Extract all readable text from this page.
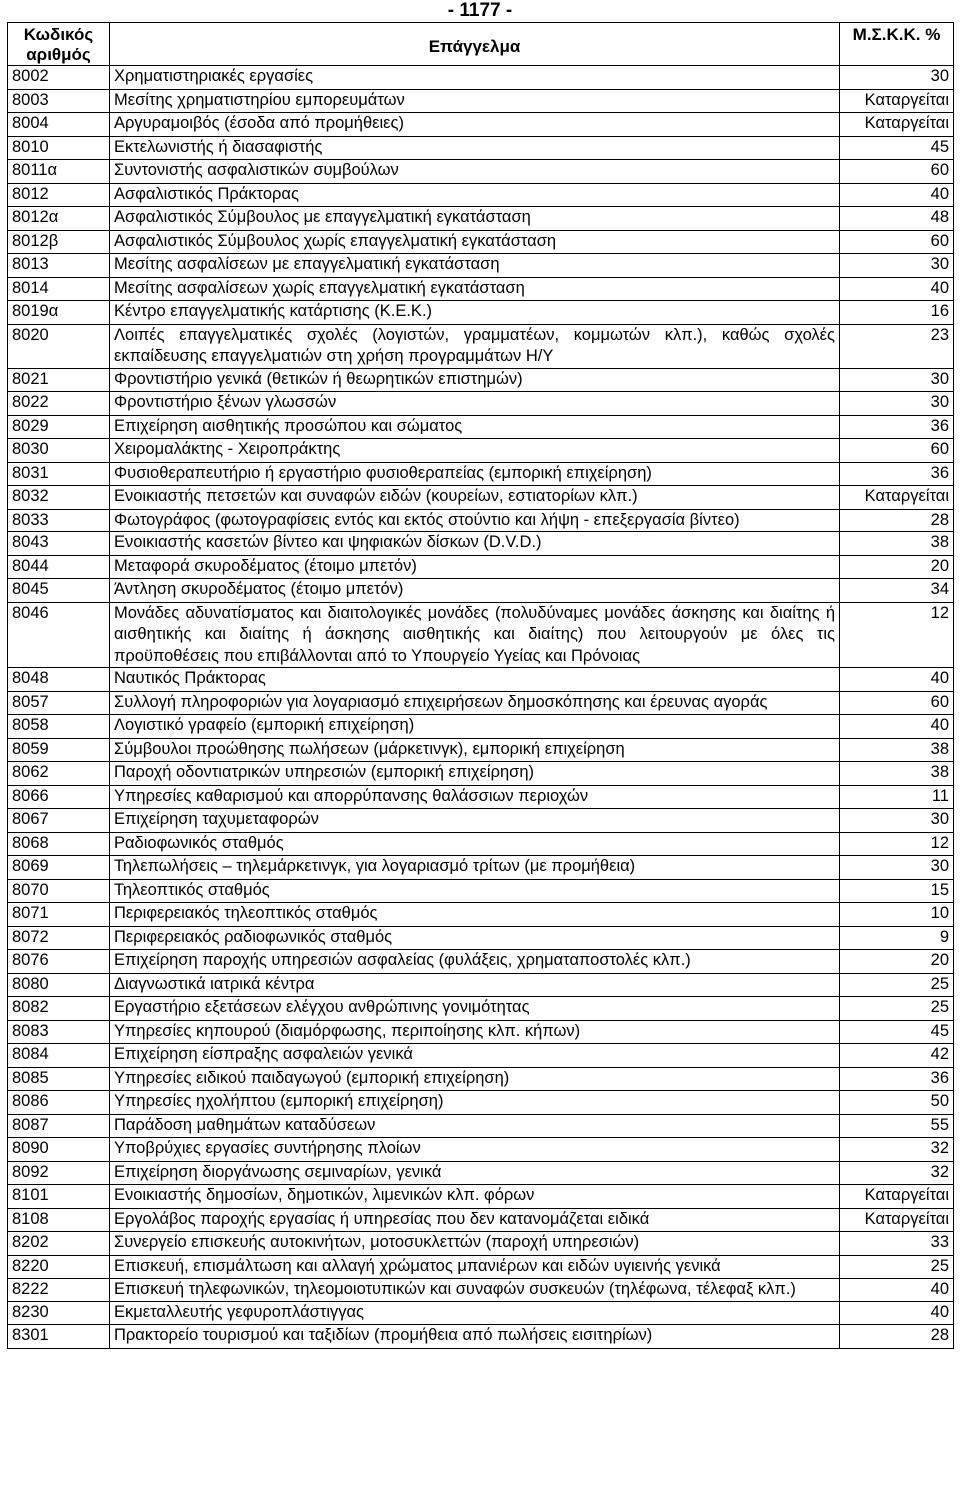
- 1177 -
Κωδικός αριθμός	Επάγγελμα	Μ.Σ.Κ.Κ. %
8002	Χρηματιστηριακές εργασίες	30
8003	Μεσίτης χρηματιστηρίου εμπορευμάτων	Καταργείται
8004	Αργυραμοιβός (έσοδα από προμήθειες)	Καταργείται
8010	Εκτελωνιστής ή διασαφιστής	45
8011α	Συντονιστής ασφαλιστικών συμβούλων	60
8012	Ασφαλιστικός Πράκτορας	40
8012α	Ασφαλιστικός Σύμβουλος με επαγγελματική εγκατάσταση	48
8012β	Ασφαλιστικός Σύμβουλος χωρίς επαγγελματική εγκατάσταση	60
8013	Μεσίτης ασφαλίσεων με επαγγελματική εγκατάσταση	30
8014	Μεσίτης ασφαλίσεων χωρίς επαγγελματική εγκατάσταση	40
8019α	Κέντρο επαγγελματικής κατάρτισης (Κ.Ε.Κ.)	16
8020	Λοιπές επαγγελματικές σχολές (λογιστών, γραμματέων, κομμωτών κλπ.), καθώς σχολές εκπαίδευσης επαγγελματιών στη χρήση προγραμμάτων Η/Υ	23
8021	Φροντιστήριο γενικά (θετικών ή θεωρητικών επιστημών)	30
8022	Φροντιστήριο ξένων γλωσσών	30
8029	Επιχείρηση αισθητικής προσώπου και σώματος	36
8030	Χειρομαλάκτης - Χειροπράκτης	60
8031	Φυσιοθεραπευτήριο ή εργαστήριο φυσιοθεραπείας (εμπορική επιχείρηση)	36
8032	Ενοικιαστής πετσετών και συναφών ειδών (κουρείων, εστιατορίων κλπ.)	Καταργείται
8033	Φωτογράφος (φωτογραφίσεις εντός και εκτός στούντιο και λήψη - επεξεργασία βίντεο)	28
8043	Ενοικιαστής κασετών βίντεο και ψηφιακών δίσκων (D.V.D.)	38
8044	Μεταφορά σκυροδέματος (έτοιμο μπετόν)	20
8045	Άντληση σκυροδέματος (έτοιμο μπετόν)	34
8046	Μονάδες αδυνατίσματος και διαιτολογικές μονάδες (πολυδύναμες μονάδες άσκησης και διαίτης ή αισθητικής και διαίτης ή άσκησης αισθητικής και διαίτης) που λειτουργούν με όλες τις προϋποθέσεις που επιβάλλονται από το Υπουργείο Υγείας και Πρόνοιας	12
8048	Ναυτικός Πράκτορας	40
8057	Συλλογή πληροφοριών για λογαριασμό επιχειρήσεων δημοσκόπησης και έρευνας αγοράς	60
8058	Λογιστικό γραφείο (εμπορική επιχείρηση)	40
8059	Σύμβουλοι προώθησης πωλήσεων (μάρκετινγκ), εμπορική επιχείρηση	38
8062	Παροχή οδοντιατρικών υπηρεσιών (εμπορική επιχείρηση)	38
8066	Υπηρεσίες καθαρισμού και απορρύπανσης θαλάσσιων περιοχών	11
8067	Επιχείρηση ταχυμεταφορών	30
8068	Ραδιοφωνικός σταθμός	12
8069	Τηλεπωλήσεις – τηλεμάρκετινγκ, για λογαριασμό τρίτων (με προμήθεια)	30
8070	Τηλεοπτικός σταθμός	15
8071	Περιφερειακός τηλεοπτικός σταθμός	10
8072	Περιφερειακός ραδιοφωνικός σταθμός	9
8076	Επιχείρηση παροχής υπηρεσιών ασφαλείας (φυλάξεις, χρηματαποστολές κλπ.)	20
8080	Διαγνωστικά ιατρικά κέντρα	25
8082	Εργαστήριο εξετάσεων ελέγχου ανθρώπινης γονιμότητας	25
8083	Υπηρεσίες κηπουρού (διαμόρφωσης, περιποίησης κλπ. κήπων)	45
8084	Επιχείρηση είσπραξης ασφαλειών γενικά	42
8085	Υπηρεσίες ειδικού παιδαγωγού (εμπορική επιχείρηση)	36
8086	Υπηρεσίες ηχολήπτου (εμπορική επιχείρηση)	50
8087	Παράδοση μαθημάτων καταδύσεων	55
8090	Υποβρύχιες εργασίες συντήρησης πλοίων	32
8092	Επιχείρηση διοργάνωσης σεμιναρίων, γενικά	32
8101	Ενοικιαστής δημοσίων, δημοτικών, λιμενικών κλπ. φόρων	Καταργείται
8108	Εργολάβος παροχής εργασίας ή υπηρεσίας που δεν κατανομάζεται ειδικά	Καταργείται
8202	Συνεργείο επισκευής αυτοκινήτων, μοτοσυκλεττών (παροχή υπηρεσιών)	33
8220	Επισκευή, επισμάλτωση και αλλαγή χρώματος μπανιέρων και ειδών υγιεινής γενικά	25
8222	Επισκευή τηλεφωνικών, τηλεομοιοτυπικών και συναφών συσκευών (τηλέφωνα, τέλεφαξ κλπ.)	40
8230	Εκμεταλλευτής γεφυροπλάστιγγας	40
8301	Πρακτορείο τουρισμού και ταξιδίων (προμήθεια από πωλήσεις εισιτηρίων)	28
